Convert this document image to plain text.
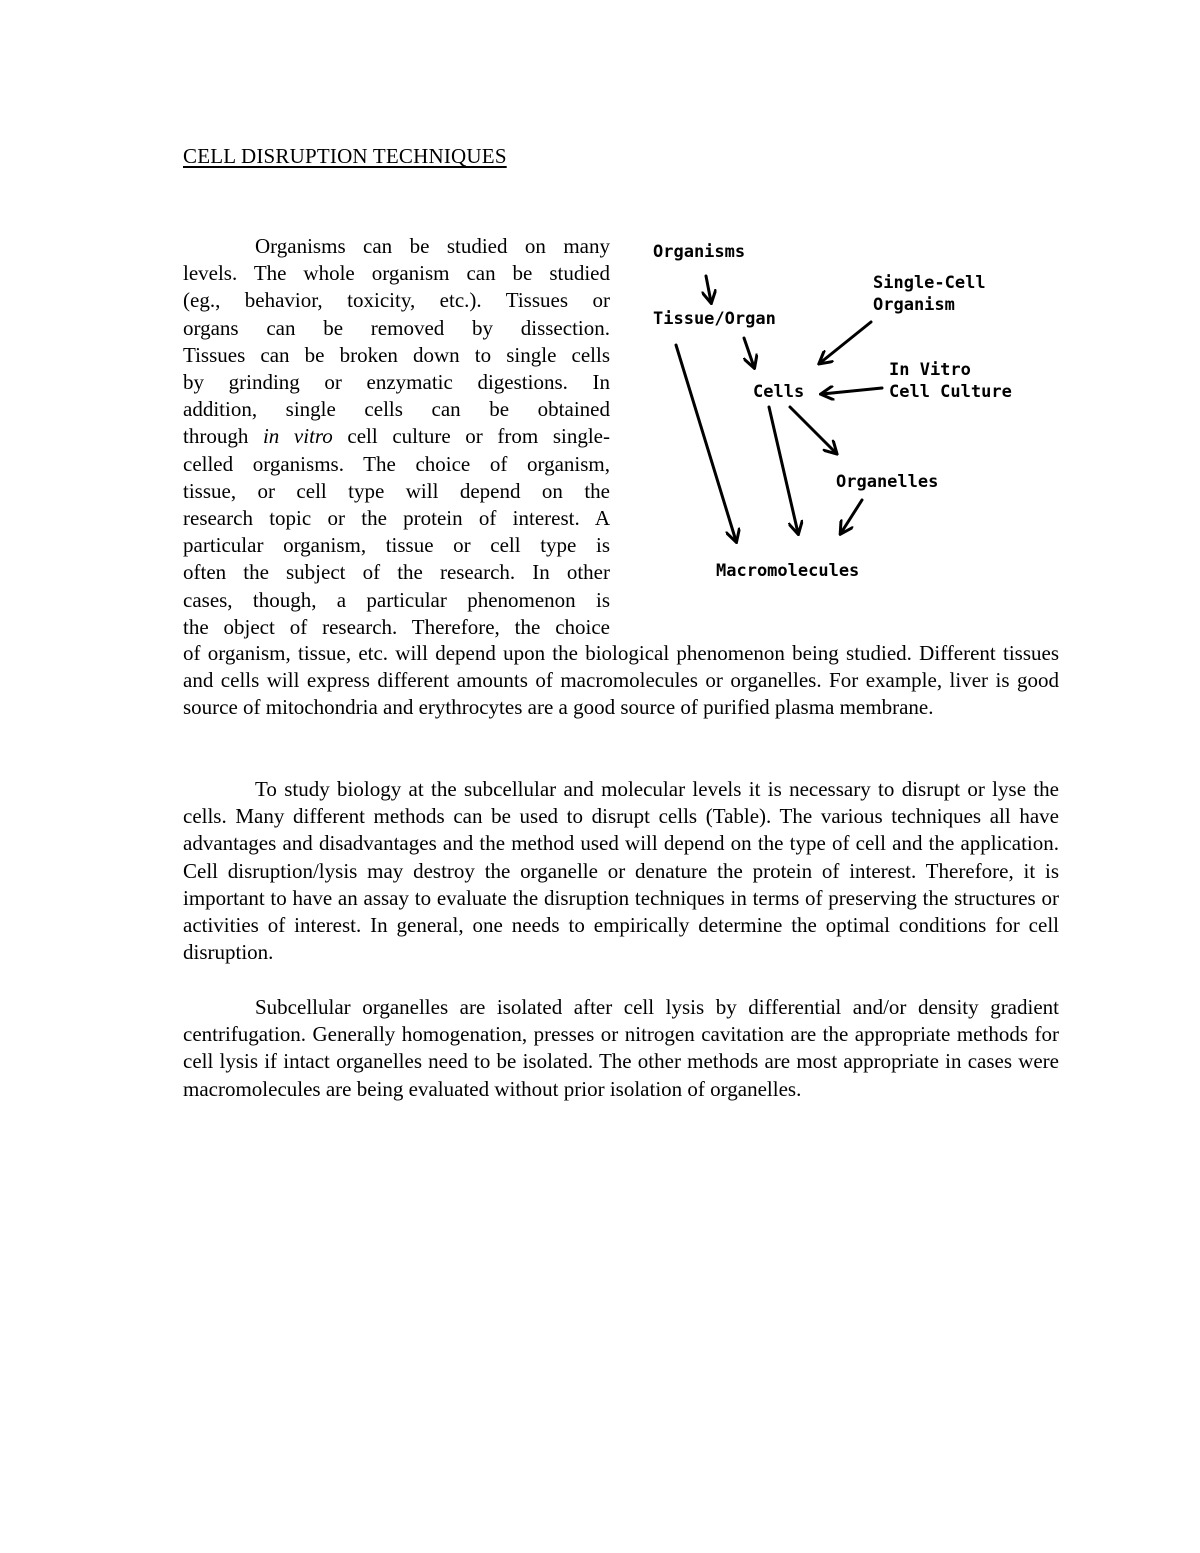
CELL DISRUPTION TECHNIQUES
Organisms can be studied on many
levels. The whole organism can be studied
(eg., behavior, toxicity, etc.). Tissues or
organs can be removed by dissection.
Tissues can be broken down to single cells
by grinding or enzymatic digestions. In
addition, single cells can be obtained
through in vitro cell culture or from single-
celled organisms. The choice of organism,
tissue, or cell type will depend on the
research topic or the protein of interest. A
particular organism, tissue or cell type is
often the subject of the research. In other
cases, though, a particular phenomenon is
the object of research. Therefore, the choice

of organism, tissue, etc. will depend upon the biological phenomenon being studied. Different tissues and cells will express different amounts of macromolecules or organelles. For example, liver is good source of mitochondria and erythrocytes are a good source of purified plasma membrane.

To study biology at the subcellular and molecular levels it is necessary to disrupt or lyse the cells. Many different methods can be used to disrupt cells (Table). The various techniques all have advantages and disadvantages and the method used will depend on the type of cell and the application. Cell disruption/lysis may destroy the organelle or denature the protein of interest. Therefore, it is important to have an assay to evaluate the disruption techniques in terms of preserving the structures or activities of interest. In general, one needs to empirically determine the optimal conditions for cell disruption.

Subcellular organelles are isolated after cell lysis by differential and/or density gradient centrifugation. Generally homogenation, presses or nitrogen cavitation are the appropriate methods for cell lysis if intact organelles need to be isolated. The other methods are most appropriate in cases were macromolecules are being evaluated without prior isolation of organelles.

Organisms
Tissue/Organ
Single-Cell
Organism
In Vitro
Cell Culture
Cells
Organelles
Macromolecules
